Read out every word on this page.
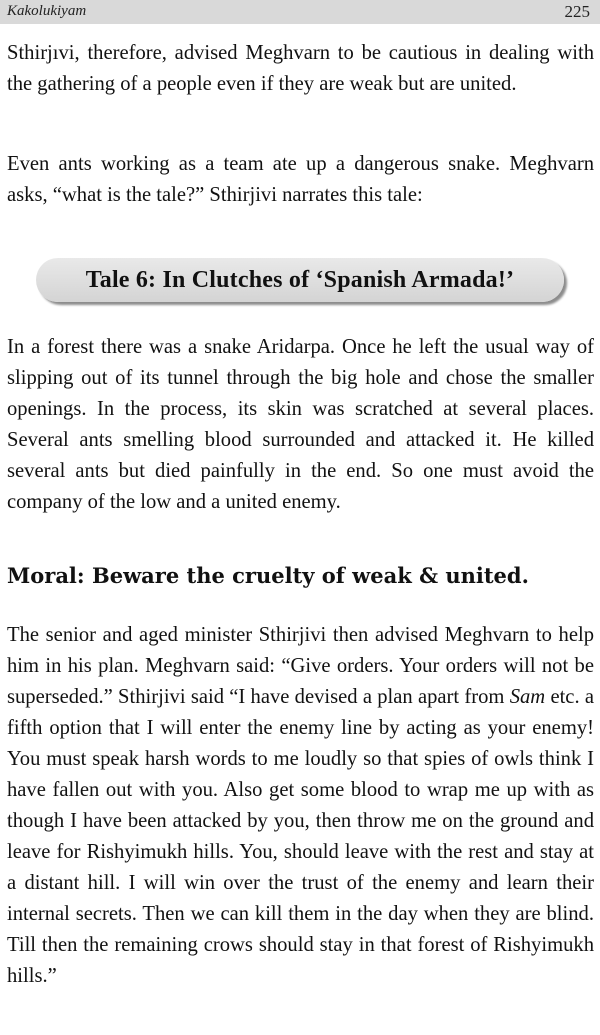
Kakolukiyam	225

Sthirjıvi, therefore, advised Meghvarn to be cautious in dealing with the gathering of a people even if they are weak but are united.

Even ants working as a team ate up a dangerous snake. Meghvarn asks, “what is the tale?” Sthirjivi narrates this tale:

Tale 6: In Clutches of ‘Spanish Armada!’

In a forest there was a snake Aridarpa. Once he left the usual way of slipping out of its tunnel through the big hole and chose the smaller openings. In the process, its skin was scratched at several places. Several ants smelling blood surrounded and attacked it. He killed several ants but died painfully in the end. So one must avoid the company of the low and a united enemy.

Moral: Beware the cruelty of weak & united.

The senior and aged minister Sthirjivi then advised Meghvarn to help him in his plan. Meghvarn said: “Give orders. Your orders will not be superseded.” Sthirjivi said “I have devised a plan apart from Sam etc. a fifth option that I will enter the enemy line by acting as your enemy! You must speak harsh words to me loudly so that spies of owls think I have fallen out with you. Also get some blood to wrap me up with as though I have been attacked by you, then throw me on the ground and leave for Rishyimukh hills. You, should leave with the rest and stay at a distant hill. I will win over the trust of the enemy and learn their internal secrets. Then we can kill them in the day when they are blind. Till then the remaining crows should stay in that forest of Rishyimukh hills.”
